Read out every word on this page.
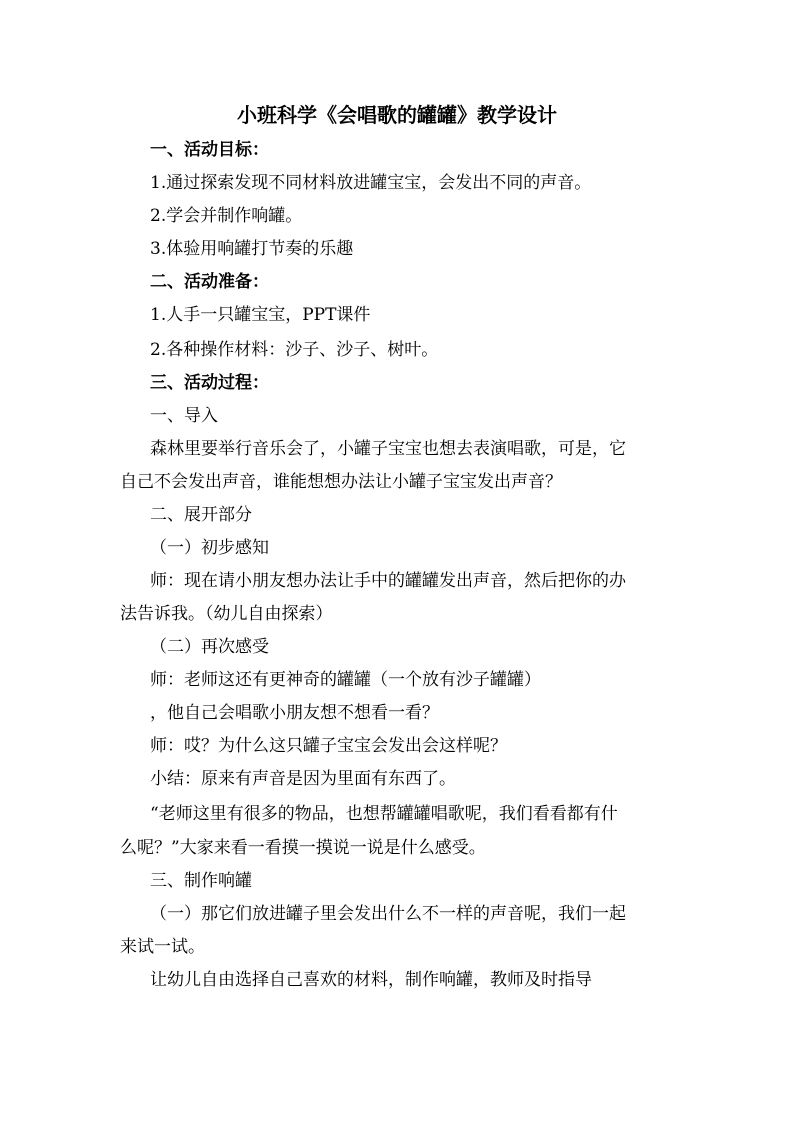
小班科学《会唱歌的罐罐》教学设计
一、活动目标：
1.通过探索发现不同材料放进罐宝宝，会发出不同的声音。
2.学会并制作响罐。
3.体验用响罐打节奏的乐趣
二、活动准备：
1.人手一只罐宝宝，PPT课件
2.各种操作材料：沙子、沙子、树叶。
三、活动过程：
一、导入
森林里要举行音乐会了，小罐子宝宝也想去表演唱歌，可是，它
自己不会发出声音，谁能想想办法让小罐子宝宝发出声音？
二、展开部分
（一）初步感知
师：现在请小朋友想办法让手中的罐罐发出声音，然后把你的办
法告诉我。（幼儿自由探索）
（二）再次感受
师：老师这还有更神奇的罐罐（一个放有沙子罐罐）
，他自己会唱歌小朋友想不想看一看？
师：哎？为什么这只罐子宝宝会发出会这样呢？
小结：原来有声音是因为里面有东西了。
“老师这里有很多的物品，也想帮罐罐唱歌呢，我们看看都有什
么呢？”大家来看一看摸一摸说一说是什么感受。
三、制作响罐
（一）那它们放进罐子里会发出什么不一样的声音呢，我们一起
来试一试。
让幼儿自由选择自己喜欢的材料，制作响罐，教师及时指导
